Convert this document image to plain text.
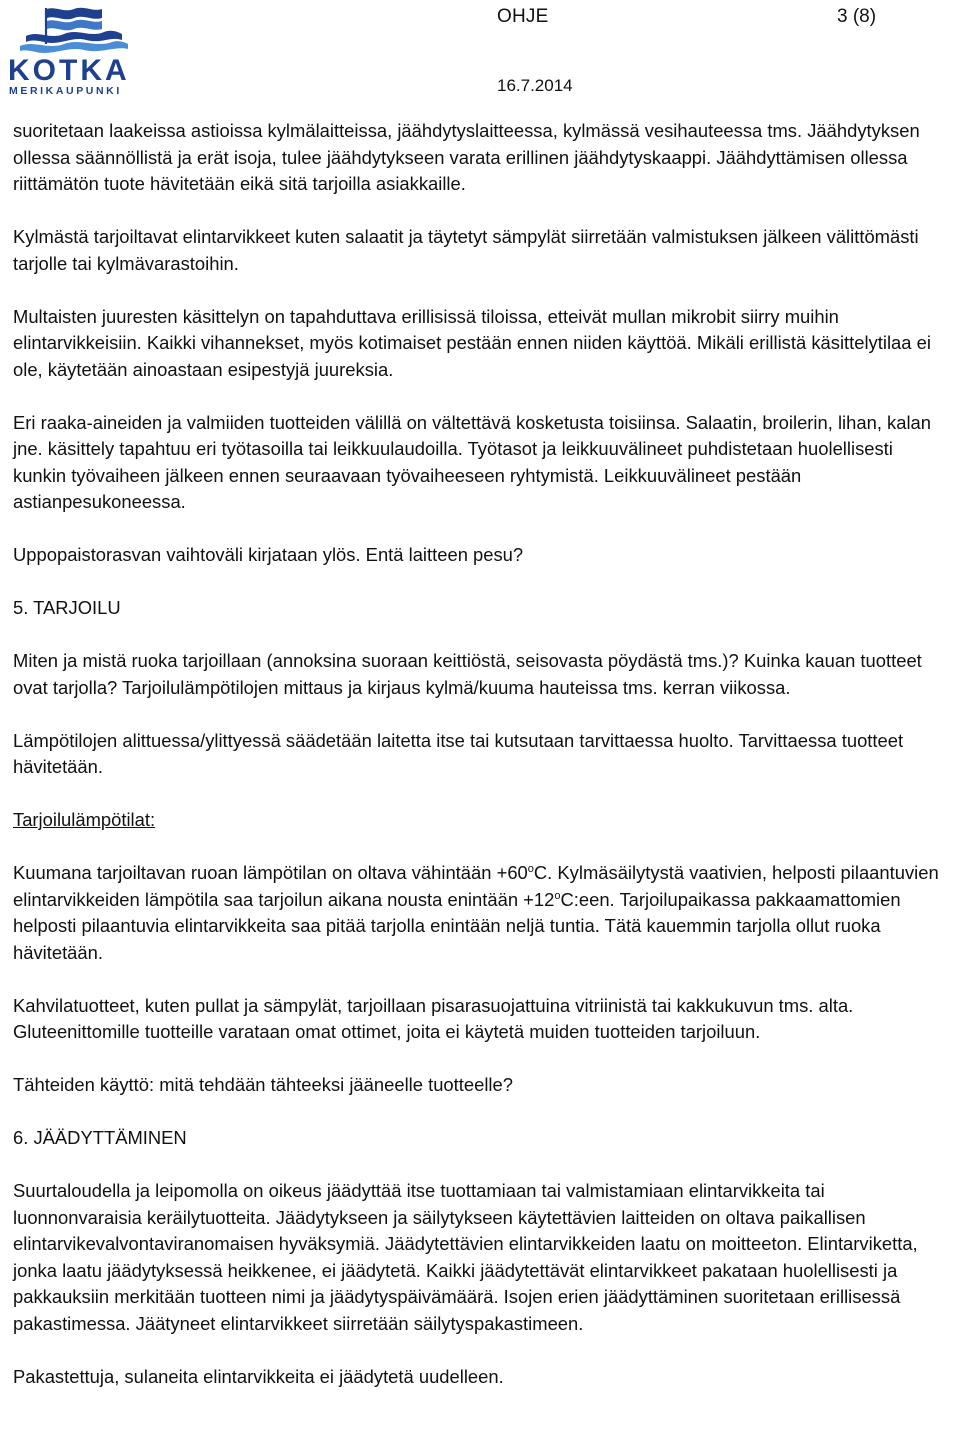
KOTKA
MERIKAUPUNKI
OHJE	3 (8)
16.7.2014

suoritetaan laakeissa astioissa kylmälaitteissa, jäähdytyslaitteessa, kylmässä vesihauteessa tms. Jäähdytyksen ollessa säännöllistä ja erät isoja, tulee jäähdytykseen varata erillinen jäähdytyskaappi. Jäähdyttämisen ollessa riittämätön tuote hävitetään eikä sitä tarjoilla asiakkaille.

Kylmästä tarjoiltavat elintarvikkeet kuten salaatit ja täytetyt sämpylät siirretään valmistuksen jälkeen välittömästi tarjolle tai kylmävarastoihin.

Multaisten juuresten käsittelyn on tapahduttava erillisissä tiloissa, etteivät mullan mikrobit siirry muihin elintarvikkeisiin. Kaikki vihannekset, myös kotimaiset pestään ennen niiden käyttöä. Mikäli erillistä käsittelytilaa ei ole, käytetään ainoastaan esipestyjä juureksia.

Eri raaka-aineiden ja valmiiden tuotteiden välillä on vältettävä kosketusta toisiinsa. Salaatin, broilerin, lihan, kalan jne. käsittely tapahtuu eri työtasoilla tai leikkuulaudoilla. Työtasot ja leikkuuvälineet puhdistetaan huolellisesti kunkin työvaiheen jälkeen ennen seuraavaan työvaiheeseen ryhtymistä. Leikkuuvälineet pestään astianpesukoneessa.

Uppopaistorasvan vaihtoväli kirjataan ylös. Entä laitteen pesu?

5. TARJOILU

Miten ja mistä ruoka tarjoillaan (annoksina suoraan keittiöstä, seisovasta pöydästä tms.)? Kuinka kauan tuotteet ovat tarjolla? Tarjoilulämpötilojen mittaus ja kirjaus kylmä/kuuma hauteissa tms. kerran viikossa.

Lämpötilojen alittuessa/ylittyessä säädetään laitetta itse tai kutsutaan tarvittaessa huolto. Tarvittaessa tuotteet hävitetään.

Tarjoilulämpötilat:

Kuumana tarjoiltavan ruoan lämpötilan on oltava vähintään $+60^oC$. Kylmäsäilytystä vaativien, helposti pilaantuvien elintarvikkeiden lämpötila saa tarjoilun aikana nousta enintään $+12^oC:een$. Tarjoilupaikassa pakkaamattomien helposti pilaantuvia elintarvikkeita saa pitää tarjolla enintään neljä tuntia. Tätä kauemmin tarjolla ollut ruoka hävitetään.

Kahvilatuotteet, kuten pullat ja sämpylät, tarjoillaan pisarasuojattuina vitriinistä tai kakkukuvun tms. alta. Gluteenittomille tuotteille varataan omat ottimet, joita ei käytetä muiden tuotteiden tarjoiluun.

Tähteiden käyttö: mitä tehdään tähteeksi jääneelle tuotteelle?

6. JÄÄDYTTÄMINEN

Suurtaloudella ja leipomolla on oikeus jäädyttää itse tuottamiaan tai valmistamiaan elintarvikkeita tai luonnonvaraisia keräilytuotteita. Jäädytykseen ja säilytykseen käytettävien laitteiden on oltava paikallisen elintarvikevalvontaviranomaisen hyväksymiä. Jäädytettävien elintarvikkeiden laatu on moitteeton. Elintarviketta, jonka laatu jäädytyksessä heikkenee, ei jäädytetä. Kaikki jäädytettävät elintarvikkeet pakataan huolellisesti ja pakkauksiin merkitään tuotteen nimi ja jäädytyspäivämäärä. Isojen erien jäädyttäminen suoritetaan erillisessä pakastimessa. Jäätyneet elintarvikkeet siirretään säilytyspakastimeen.

Pakastettuja, sulaneita elintarvikkeita ei jäädytetä uudelleen.
